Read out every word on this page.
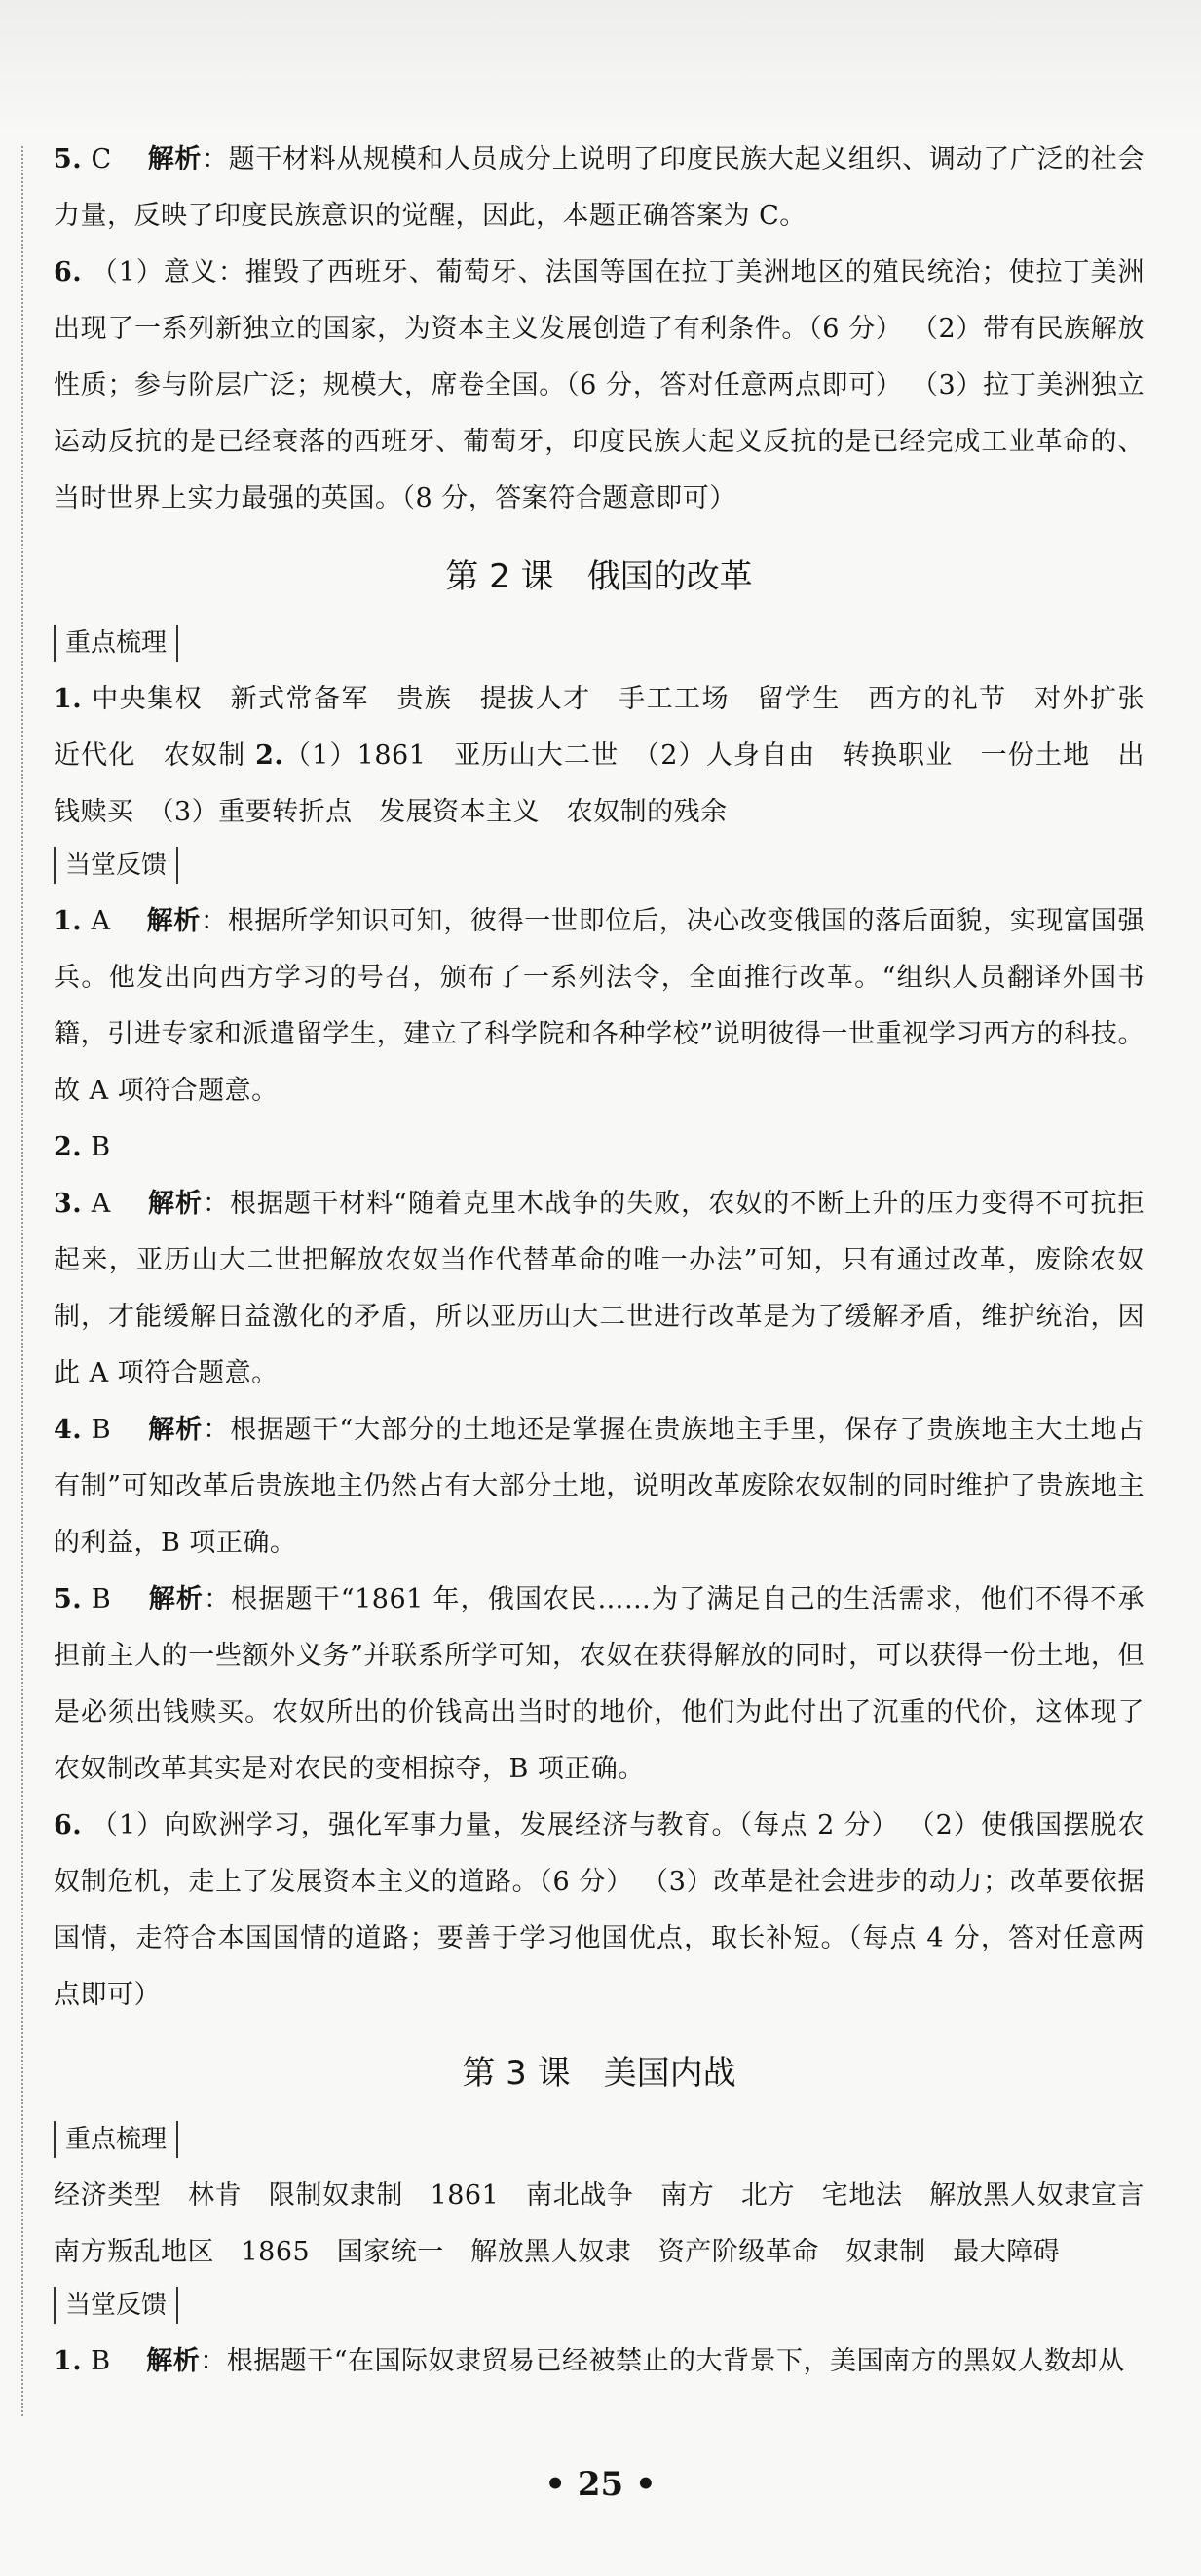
5. C　 解析：题干材料从规模和人员成分上说明了印度民族大起义组织、调动了广泛的社会力量，反映了印度民族意识的觉醒，因此，本题正确答案为 C。

6. （1）意义：摧毁了西班牙、葡萄牙、法国等国在拉丁美洲地区的殖民统治；使拉丁美洲出现了一系列新独立的国家，为资本主义发展创造了有利条件。（6 分） （2）带有民族解放性质；参与阶层广泛；规模大，席卷全国。（6 分，答对任意两点即可） （3）拉丁美洲独立运动反抗的是已经衰落的西班牙、葡萄牙，印度民族大起义反抗的是已经完成工业革命的、当时世界上实力最强的英国。（8 分，答案符合题意即可）

第 2 课　俄国的改革
重点梳理

1. 中央集权　新式常备军　贵族　提拔人才　手工工场　留学生　西方的礼节　对外扩张　近代化　农奴制 2.（1）1861　亚历山大二世　（2）人身自由　转换职业　一份土地　出钱赎买　（3）重要转折点　发展资本主义　农奴制的残余

当堂反馈

1. A　 解析：根据所学知识可知，彼得一世即位后，决心改变俄国的落后面貌，实现富国强兵。他发出向西方学习的号召，颁布了一系列法令，全面推行改革。“组织人员翻译外国书籍，引进专家和派遣留学生，建立了科学院和各种学校”说明彼得一世重视学习西方的科技。故 A 项符合题意。

2. B

3. A　 解析：根据题干材料“随着克里木战争的失败，农奴的不断上升的压力变得不可抗拒起来，亚历山大二世把解放农奴当作代替革命的唯一办法”可知，只有通过改革，废除农奴制，才能缓解日益激化的矛盾，所以亚历山大二世进行改革是为了缓解矛盾，维护统治，因此 A 项符合题意。

4. B　 解析：根据题干“大部分的土地还是掌握在贵族地主手里，保存了贵族地主大土地占有制”可知改革后贵族地主仍然占有大部分土地，说明改革废除农奴制的同时维护了贵族地主的利益，B 项正确。

5. B　 解析：根据题干“1861 年，俄国农民……为了满足自己的生活需求，他们不得不承担前主人的一些额外义务”并联系所学可知，农奴在获得解放的同时，可以获得一份土地，但是必须出钱赎买。农奴所出的价钱高出当时的地价，他们为此付出了沉重的代价，这体现了农奴制改革其实是对农民的变相掠夺，B 项正确。

6. （1）向欧洲学习，强化军事力量，发展经济与教育。（每点 2 分） （2）使俄国摆脱农奴制危机，走上了发展资本主义的道路。（6 分） （3）改革是社会进步的动力；改革要依据国情，走符合本国国情的道路；要善于学习他国优点，取长补短。（每点 4 分，答对任意两点即可）

第 3 课　美国内战
重点梳理

经济类型　林肯　限制奴隶制　1861　南北战争　南方　北方　宅地法　解放黑人奴隶宣言　南方叛乱地区　1865　国家统一　解放黑人奴隶　资产阶级革命　奴隶制　最大障碍

当堂反馈

1. B　 解析：根据题干“在国际奴隶贸易已经被禁止的大背景下，美国南方的黑奴人数却从

• 25 •
